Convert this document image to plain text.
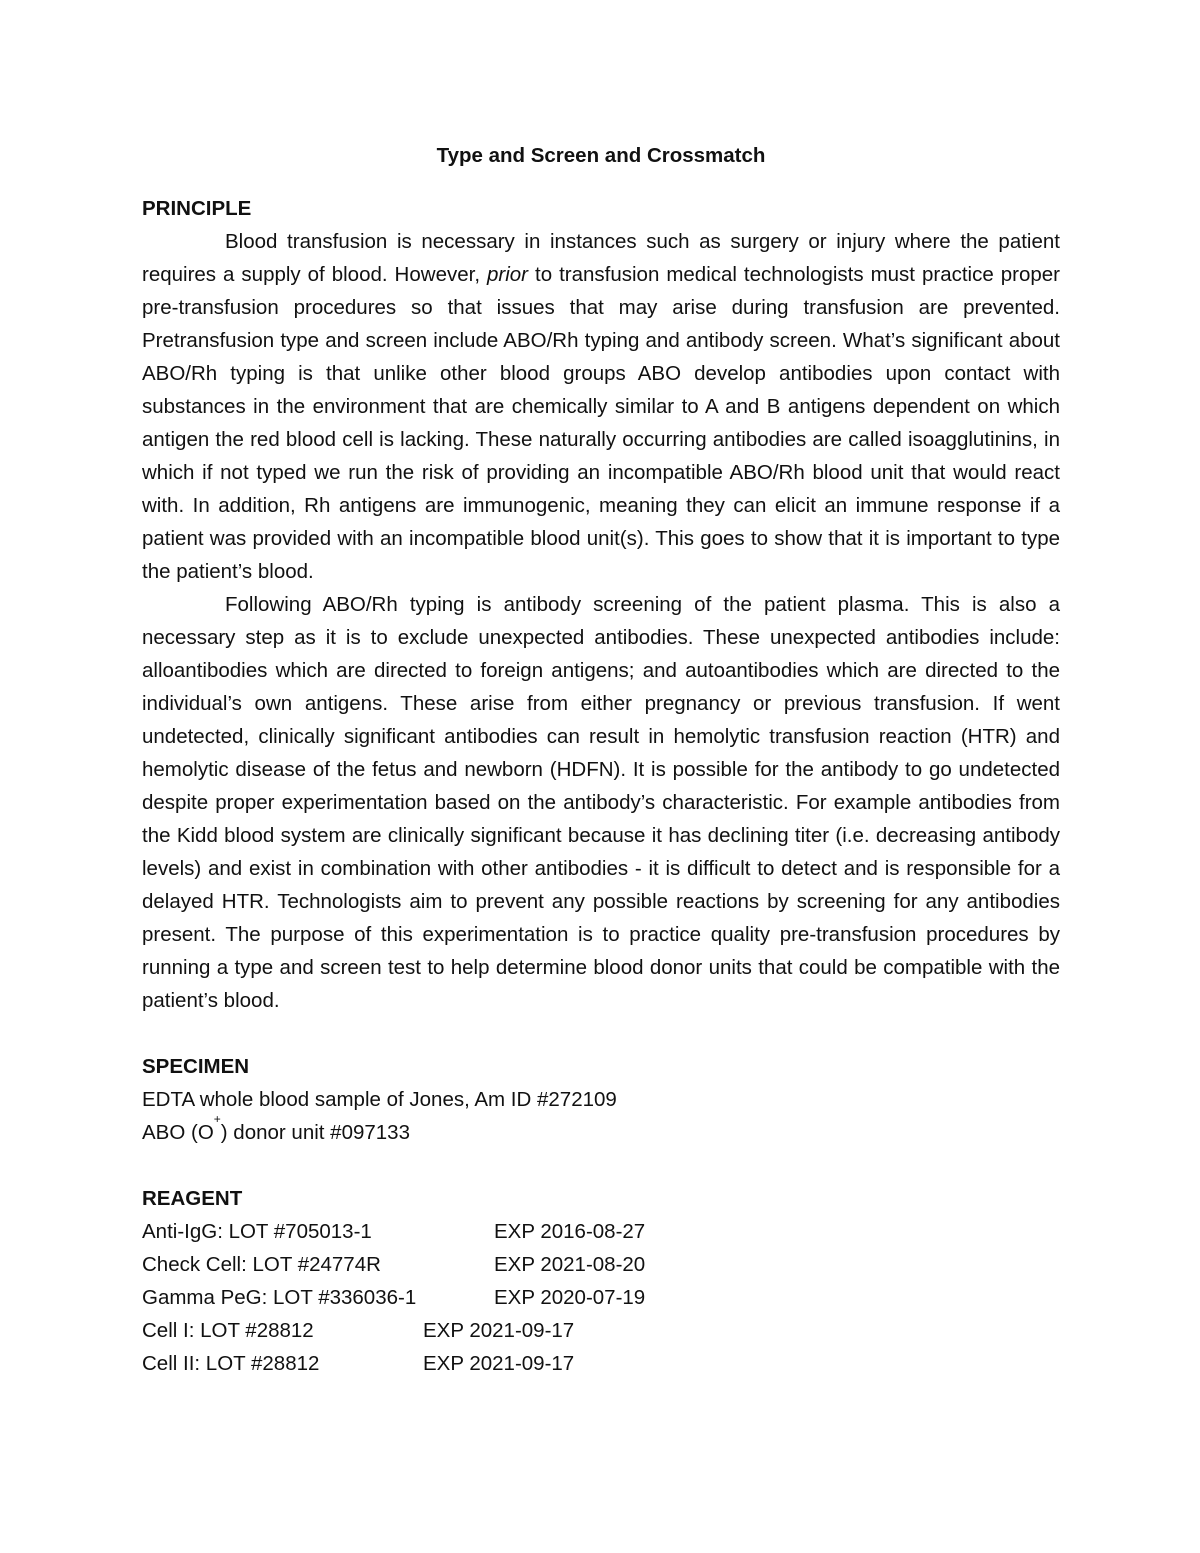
Type and Screen and Crossmatch
PRINCIPLE

Blood transfusion is necessary in instances such as surgery or injury where the patient requires a supply of blood. However, prior to transfusion medical technologists must practice proper pre-transfusion procedures so that issues that may arise during transfusion are prevented. Pretransfusion type and screen include ABO/Rh typing and antibody screen. What’s significant about ABO/Rh typing is that unlike other blood groups ABO develop antibodies upon contact with substances in the environment that are chemically similar to A and B antigens dependent on which antigen the red blood cell is lacking. These naturally occurring antibodies are called isoagglutinins, in which if not typed we run the risk of providing an incompatible ABO/Rh blood unit that would react with. In addition, Rh antigens are immunogenic, meaning they can elicit an immune response if a patient was provided with an incompatible blood unit(s). This goes to show that it is important to type the patient’s blood.

Following ABO/Rh typing is antibody screening of the patient plasma. This is also a necessary step as it is to exclude unexpected antibodies. These unexpected antibodies include: alloantibodies which are directed to foreign antigens; and autoantibodies which are directed to the individual’s own antigens. These arise from either pregnancy or previous transfusion. If went undetected, clinically significant antibodies can result in hemolytic transfusion reaction (HTR) and hemolytic disease of the fetus and newborn (HDFN). It is possible for the antibody to go undetected despite proper experimentation based on the antibody’s characteristic. For example antibodies from the Kidd blood system are clinically significant because it has declining titer (i.e. decreasing antibody levels) and exist in combination with other antibodies - it is difficult to detect and is responsible for a delayed HTR. Technologists aim to prevent any possible reactions by screening for any antibodies present. The purpose of this experimentation is to practice quality pre-transfusion procedures by running a type and screen test to help determine blood donor units that could be compatible with the patient’s blood.

SPECIMEN

EDTA whole blood sample of Jones, Am ID #272109

ABO (O+) donor unit #097133

REAGENT
Anti-IgG: LOT #705013-1	EXP 2016-08-27
Check Cell: LOT #24774R	EXP 2021-08-20
Gamma PeG: LOT #336036-1	EXP 2020-07-19
Cell I: LOT #28812	EXP 2021-09-17
Cell II: LOT #28812	EXP 2021-09-17
